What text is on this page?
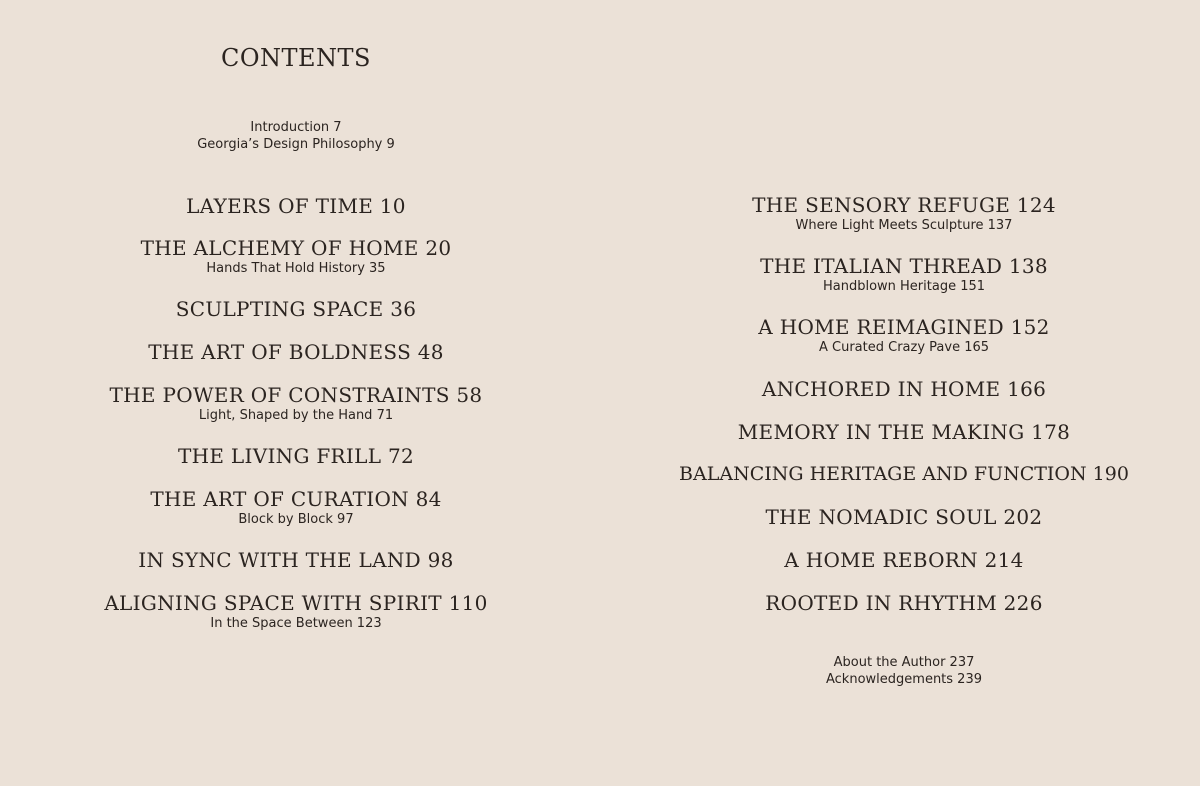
CONTENTS
Introduction 7
Georgia’s Design Philosophy 9
LAYERS OF TIME 10
THE ALCHEMY OF HOME 20
Hands That Hold History 35
SCULPTING SPACE 36
THE ART OF BOLDNESS 48
THE POWER OF CONSTRAINTS 58
Light, Shaped by the Hand 71
THE LIVING FRILL 72
THE ART OF CURATION 84
Block by Block 97
IN SYNC WITH THE LAND 98
ALIGNING SPACE WITH SPIRIT 110
In the Space Between 123
THE SENSORY REFUGE 124
Where Light Meets Sculpture 137
THE ITALIAN THREAD 138
Handblown Heritage 151
A HOME REIMAGINED 152
A Curated Crazy Pave 165
ANCHORED IN HOME 166
MEMORY IN THE MAKING 178
BALANCING HERITAGE AND FUNCTION 190
THE NOMADIC SOUL 202
A HOME REBORN 214
ROOTED IN RHYTHM 226
About the Author 237
Acknowledgements 239
